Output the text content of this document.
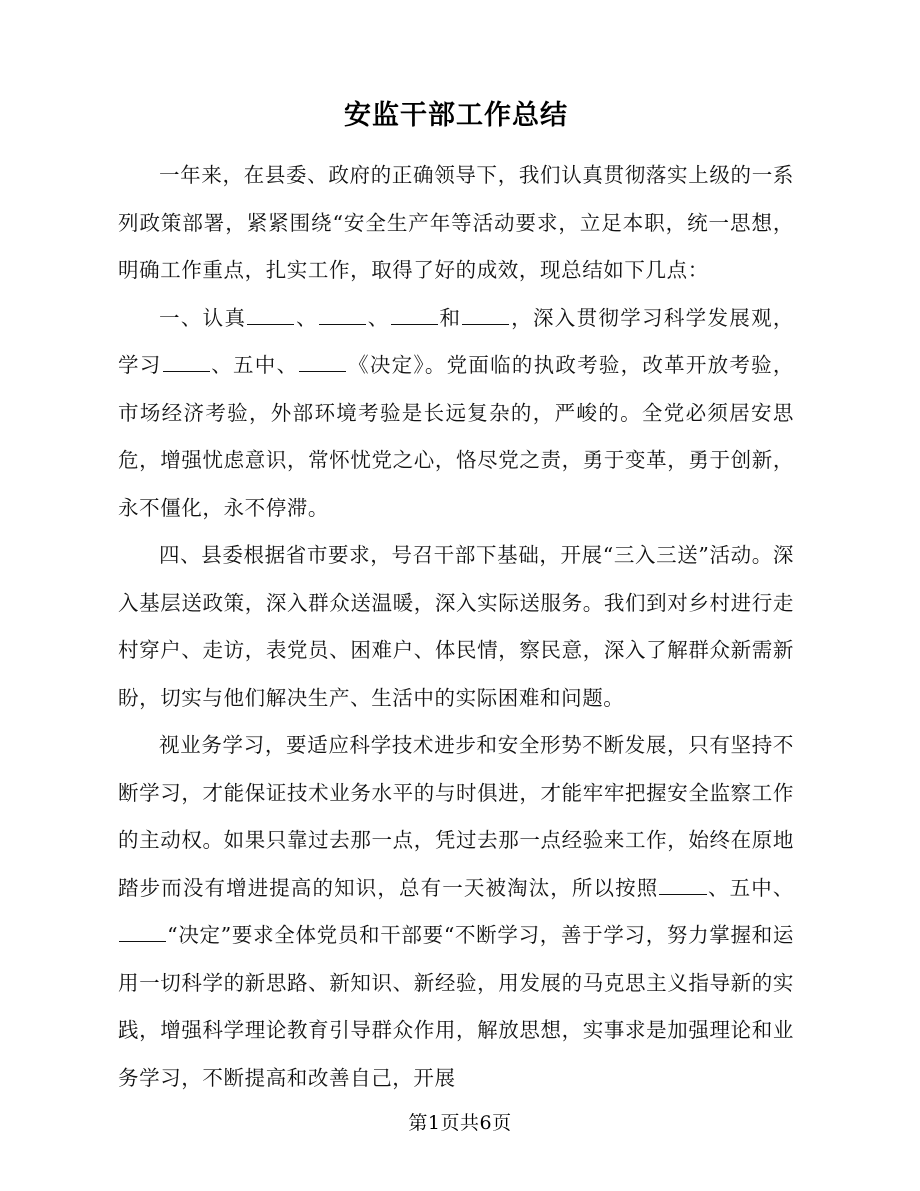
安监干部工作总结

一年来，在县委、政府的正确领导下，我们认真贯彻落实上级的一系列政策部署，紧紧围绕“安全生产年等活动要求，立足本职，统一思想，明确工作重点，扎实工作，取得了好的成效，现总结如下几点：

一、认真 、 、 和 ，深入贯彻学习科学发展观，学习 、五中、 《决定》。党面临的执政考验，改革开放考验，市场经济考验，外部环境考验是长远复杂的，严峻的。全党必须居安思危，增强忧虑意识，常怀忧党之心，恪尽党之责，勇于变革，勇于创新，永不僵化，永不停滞。

四、县委根据省市要求，号召干部下基础，开展“三入三送”活动。深入基层送政策，深入群众送温暖，深入实际送服务。我们到对乡村进行走村穿户、走访，表党员、困难户、体民情，察民意，深入了解群众新需新盼，切实与他们解决生产、生活中的实际困难和问题。

视业务学习，要适应科学技术进步和安全形势不断发展，只有坚持不断学习，才能保证技术业务水平的与时俱进，才能牢牢把握安全监察工作的主动权。如果只靠过去那一点，凭过去那一点经验来工作，始终在原地踏步而没有增进提高的知识，总有一天被淘汰，所以按照 、五中、“决定”要求全体党员和干部要“不断学习，善于学习，努力掌握和运用一切科学的新思路、新知识、新经验，用发展的马克思主义指导新的实践，增强科学理论教育引导群众作用，解放思想，实事求是加强理论和业务学习，不断提高和改善自己，开展

第1页共6页
